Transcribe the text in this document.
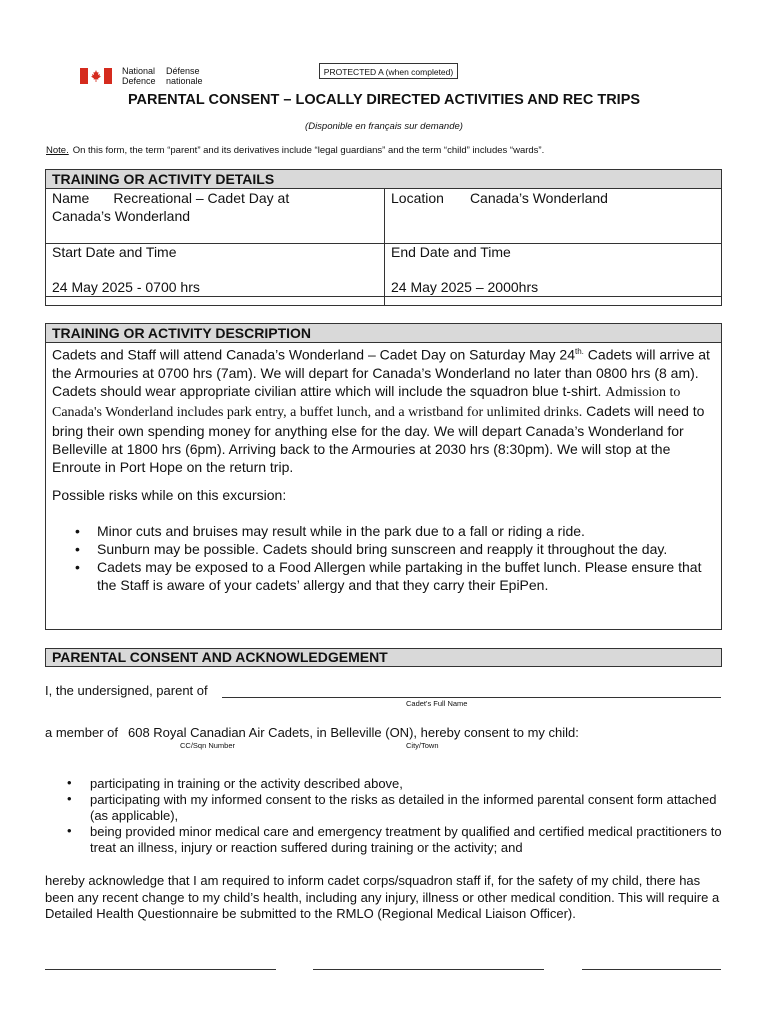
National Défense
Defence nationale
PROTECTED A (when completed)
PARENTAL CONSENT – LOCALLY DIRECTED ACTIVITIES AND REC TRIPS
(Disponible en français sur demande)
Note. On this form, the term “parent” and its derivatives include “legal guardians” and the term “child” includes “wards”.
TRAINING OR ACTIVITY DETAILS
Name Recreational – Cadet Day at
Canada’s Wonderland
Location Canada’s Wonderland
Start Date and Time
24 May 2025 - 0700 hrs
End Date and Time
24 May 2025 – 2000hrs
TRAINING OR ACTIVITY DESCRIPTION
Cadets and Staff will attend Canada’s Wonderland – Cadet Day on Saturday May $24^{th.}$ Cadets will arrive at the Armouries at 0700 hrs (7am). We will depart for Canada’s Wonderland no later than 0800 hrs (8 am). Cadets should wear appropriate civilian attire which will include the squadron blue t-shirt. Admission to Canada's Wonderland includes park entry, a buffet lunch, and a wristband for unlimited drinks. Cadets will need to bring their own spending money for anything else for the day. We will depart Canada’s Wonderland for Belleville at 1800 hrs (6pm). Arriving back to the Armouries at 2030 hrs (8:30pm). We will stop at the Enroute in Port Hope on the return trip.
Possible risks while on this excursion:
• Minor cuts and bruises may result while in the park due to a fall or riding a ride.
• Sunburn may be possible. Cadets should bring sunscreen and reapply it throughout the day.
• Cadets may be exposed to a Food Allergen while partaking in the buffet lunch. Please ensure that the Staff is aware of your cadets’ allergy and that they carry their EpiPen.
PARENTAL CONSENT AND ACKNOWLEDGEMENT
I, the undersigned, parent of
Cadet's Full Name
a member of 608 Royal Canadian Air Cadets, in Belleville (ON), hereby consent to my child:
CC/Sqn Number	City/Town
• participating in training or the activity described above,
• participating with my informed consent to the risks as detailed in the informed parental consent form attached (as applicable),
• being provided minor medical care and emergency treatment by qualified and certified medical practitioners to treat an illness, injury or reaction suffered during training or the activity; and
hereby acknowledge that I am required to inform cadet corps/squadron staff if, for the safety of my child, there has been any recent change to my child’s health, including any injury, illness or other medical condition. This will require a Detailed Health Questionnaire be submitted to the RMLO (Regional Medical Liaison Officer).
